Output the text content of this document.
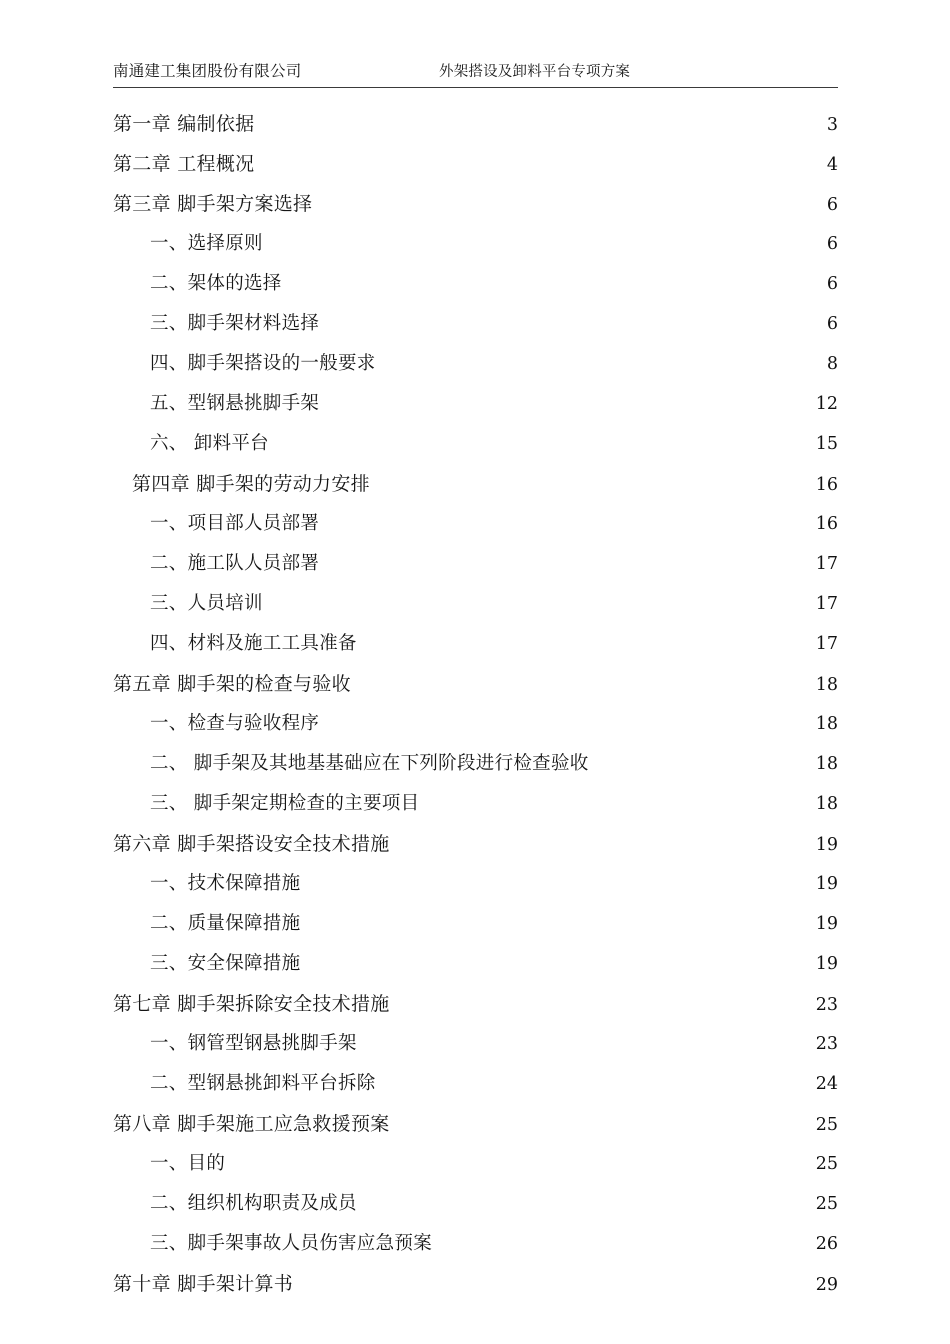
南通建工集团股份有限公司	外架搭设及卸料平台专项方案
第一章 编制依据 .....	3
第二章 工程概况 .....	4
第三章 脚手架方案选择 .....	6
一、选择原则 .....	6
二、架体的选择 .....	6
三、脚手架材料选择 .....	6
四、脚手架搭设的一般要求 .....	8
五、型钢悬挑脚手架 .....	12
六、 卸料平台 .....	15
第四章 脚手架的劳动力安排 .....	16
一、项目部人员部署 .....	16
二、施工队人员部署 .....	17
三、人员培训 .....	17
四、材料及施工工具准备 .....	17
第五章 脚手架的检查与验收 .....	18
一、检查与验收程序 .....	18
二、 脚手架及其地基基础应在下列阶段进行检查验收 .....	18
三、 脚手架定期检查的主要项目 .....	18
第六章 脚手架搭设安全技术措施 .....	19
一、技术保障措施 .....	19
二、质量保障措施 .....	19
三、安全保障措施 .....	19
第七章 脚手架拆除安全技术措施 .....	23
一、钢管型钢悬挑脚手架 .....	23
二、型钢悬挑卸料平台拆除 .....	24
第八章 脚手架施工应急救援预案 .....	25
一、目的 .....	25
二、组织机构职责及成员 .....	25
三、脚手架事故人员伤害应急预案 .....	26
第十章 脚手架计算书 .....	29
